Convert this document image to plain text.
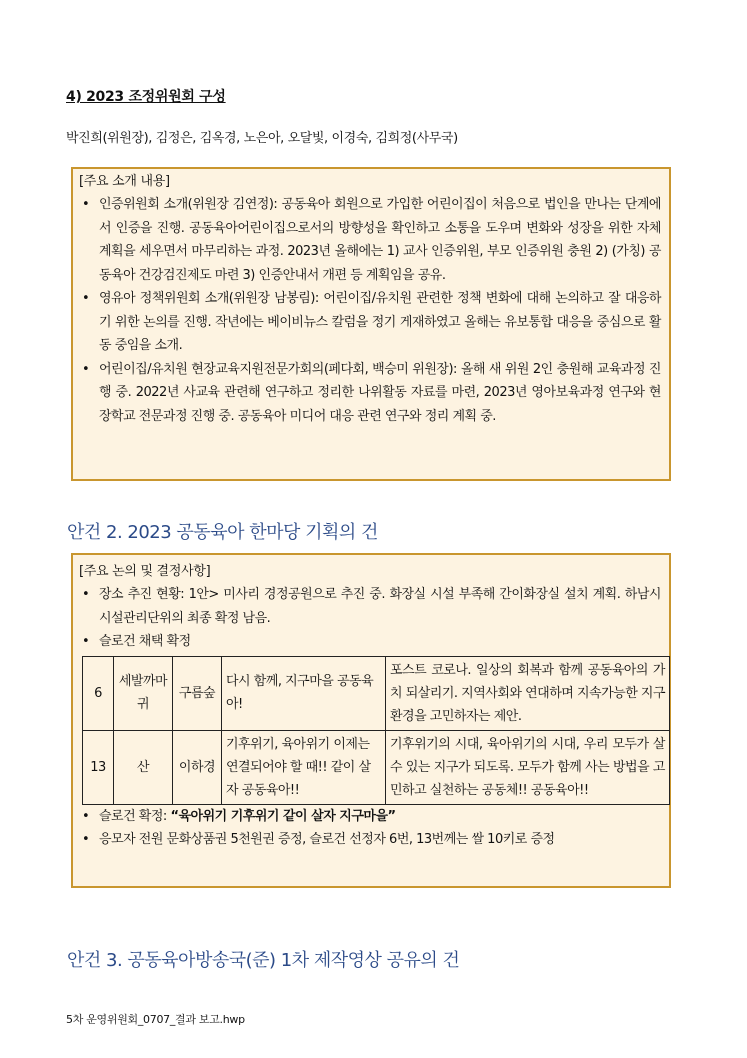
4) 2023 조정위원회 구성
박진희(위원장), 김정은, 김옥경, 노은아, 오달빛, 이경숙, 김희정(사무국)
[주요 소개 내용]
• 인증위원회 소개(위원장 김연정): 공동육아 회원으로 가입한 어린이집이 처음으로 법인을 만나는 단계에서 인증을 진행. 공동육아어린이집으로서의 방향성을 확인하고 소통을 도우며 변화와 성장을 위한 자체 계획을 세우면서 마무리하는 과정. 2023년 올해에는 1) 교사 인증위원, 부모 인증위원 충원 2) (가칭) 공동육아 건강검진제도 마련 3) 인증안내서 개편 등 계획임을 공유.
• 영유아 정책위원회 소개(위원장 남봉림): 어린이집/유치원 관련한 정책 변화에 대해 논의하고 잘 대응하기 위한 논의를 진행. 작년에는 베이비뉴스 칼럼을 정기 게재하였고 올해는 유보통합 대응을 중심으로 활동 중임을 소개.
• 어린이집/유치원 현장교육지원전문가회의(페다회, 백승미 위원장): 올해 새 위원 2인 충원해 교육과정 진행 중. 2022년 사교육 관련해 연구하고 정리한 나위활동 자료를 마련, 2023년 영아보육과정 연구와 현장학교 전문과정 진행 중. 공동육아 미디어 대응 관련 연구와 정리 계획 중.
안건 2. 2023 공동육아 한마당 기획의 건
[주요 논의 및 결정사항]
• 장소 추진 현황: 1안> 미사리 경정공원으로 추진 중. 화장실 시설 부족해 간이화장실 설치 계획. 하남시 시설관리단위의 최종 확정 남음.
• 슬로건 채택 확정
6	세발까마귀	구름숲	다시 함께, 지구마을 공동육아!	포스트 코로나. 일상의 회복과 함께 공동육아의 가치 되살리기. 지역사회와 연대하며 지속가능한 지구환경을 고민하자는 제안.
13	산	이하경	기후위기, 육아위기 이제는 연결되어야 할 때!! 같이 살자 공동육아!!	기후위기의 시대, 육아위기의 시대, 우리 모두가 살 수 있는 지구가 되도록. 모두가 함께 사는 방법을 고민하고 실천하는 공동체!! 공동육아!!
• 슬로건 확정: “육아위기 기후위기 같이 살자 지구마을”
• 응모자 전원 문화상품권 5천원권 증정, 슬로건 선정자 6번, 13번께는 쌀 10키로 증정
안건 3. 공동육아방송국(준) 1차 제작영상 공유의 건
5차 운영위원회_0707_결과 보고.hwp
